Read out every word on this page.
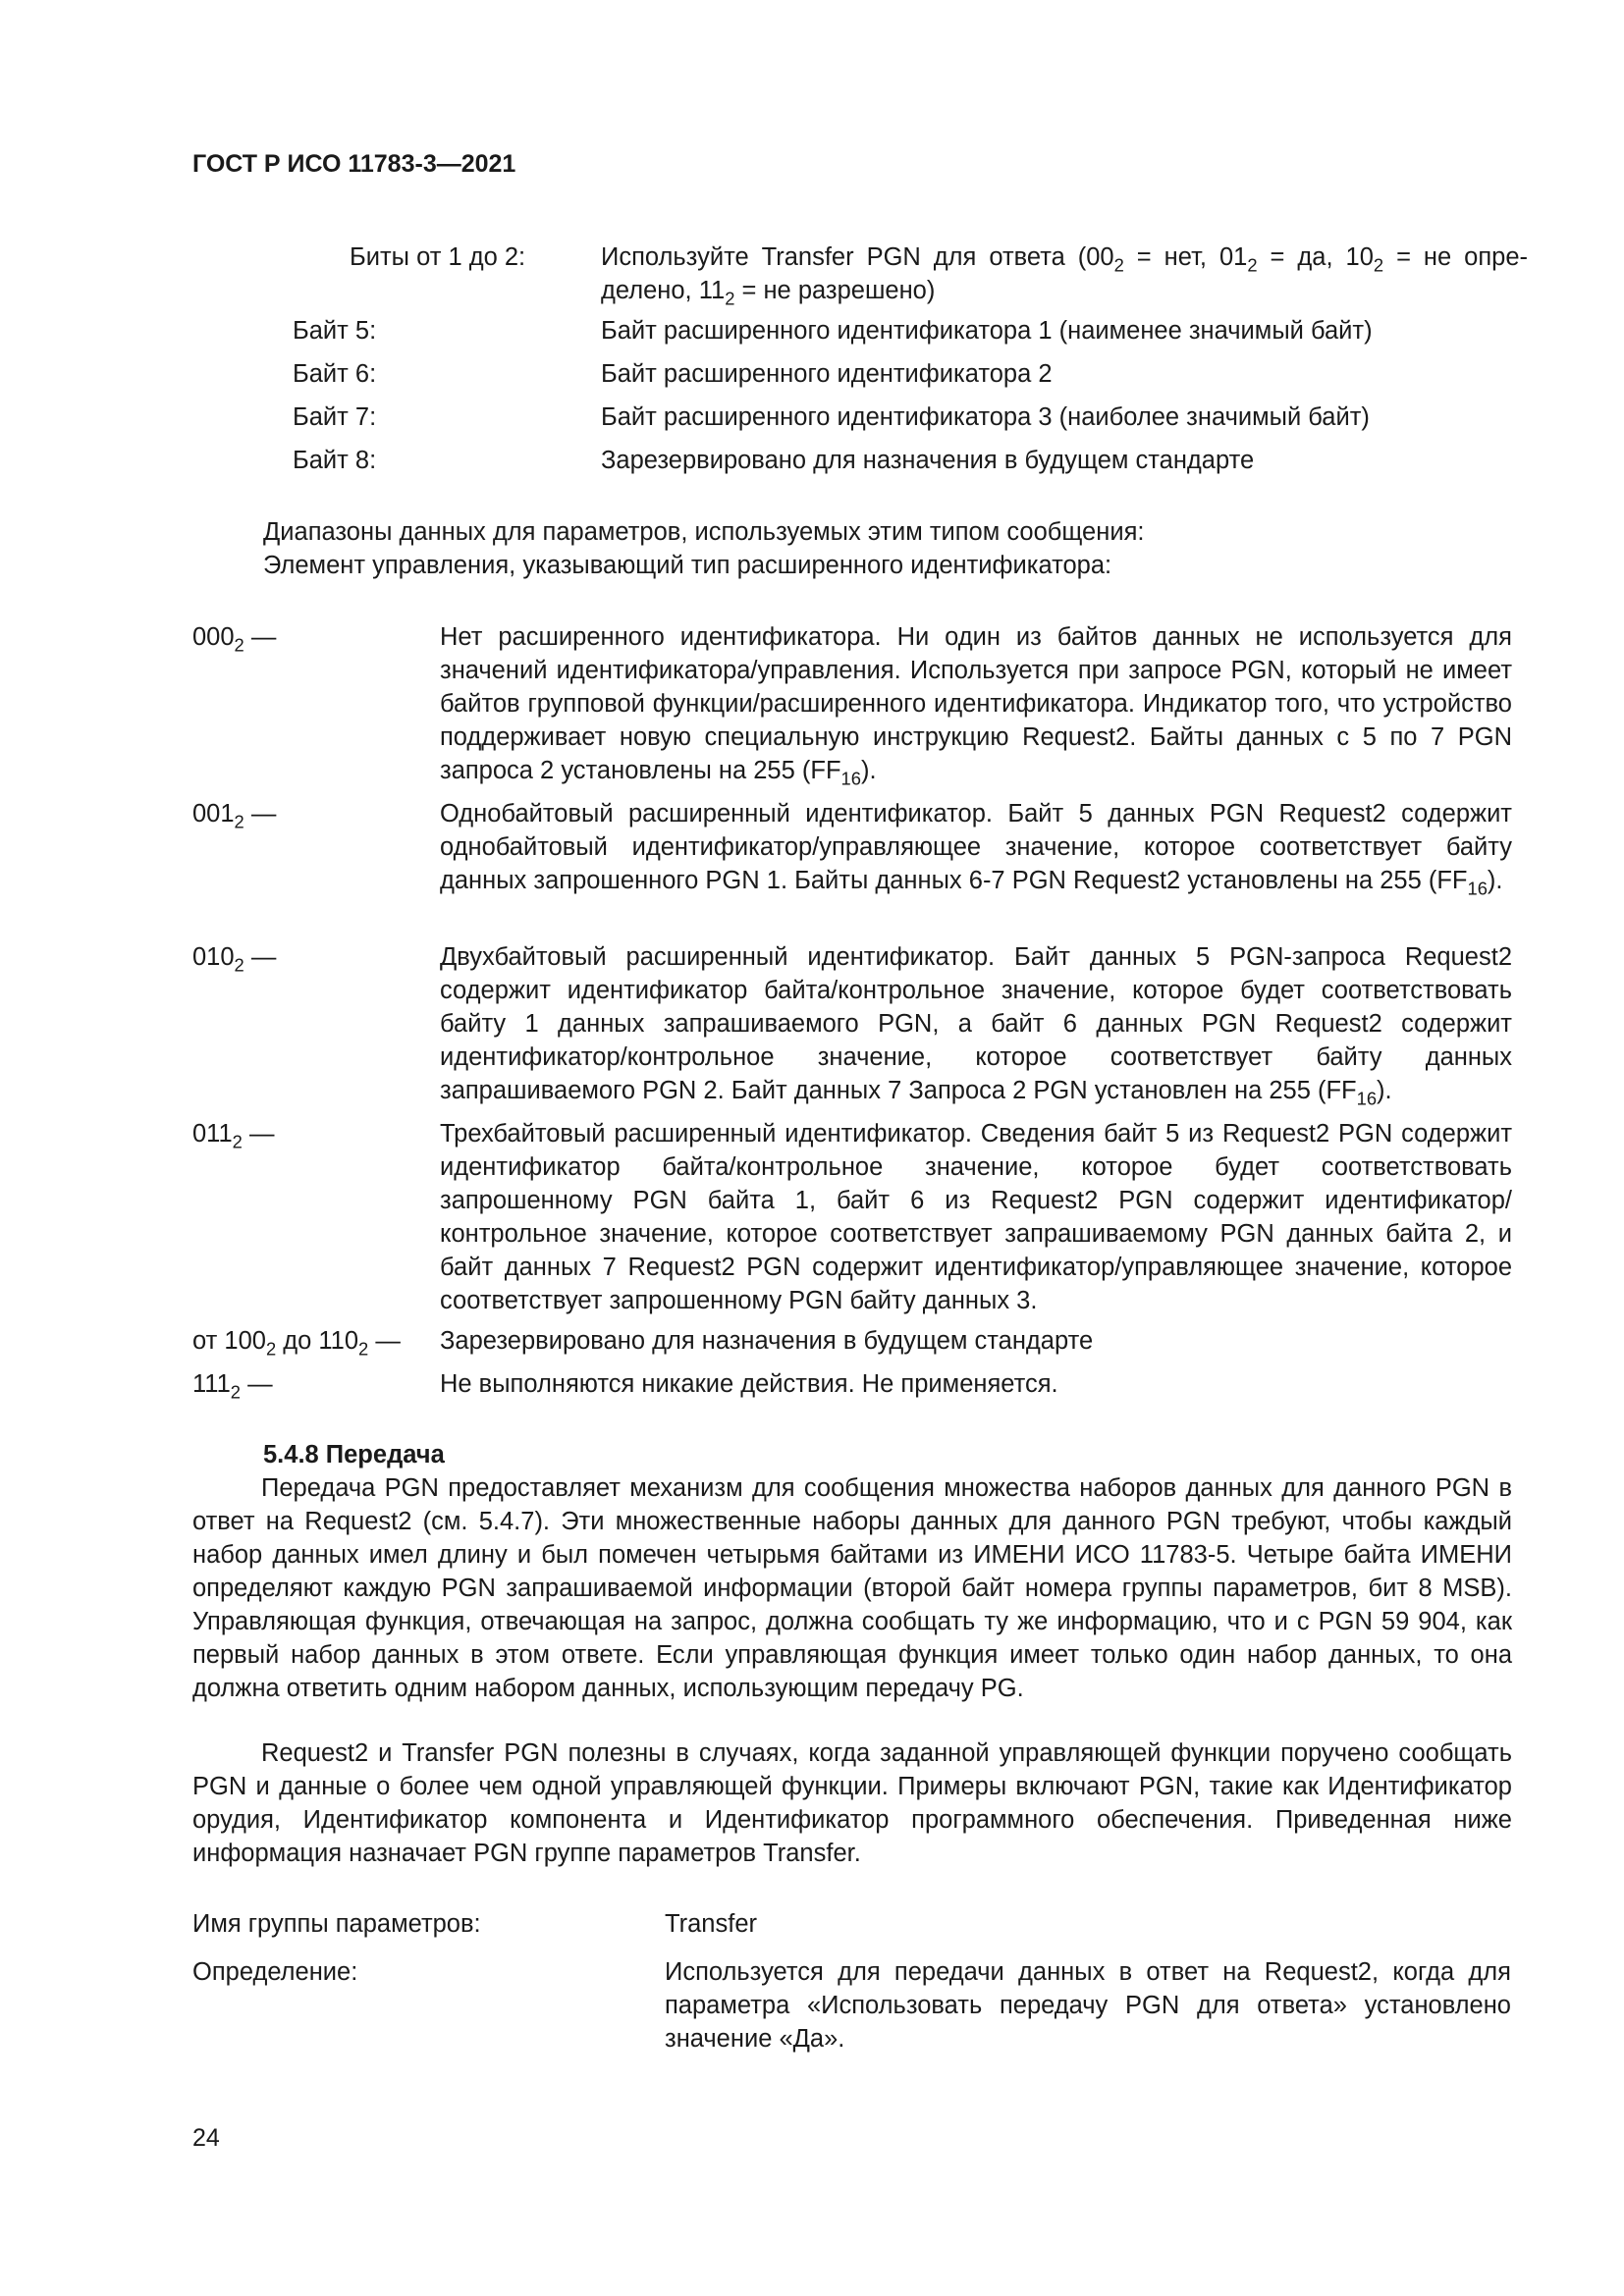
ГОСТ Р ИСО 11783-3—2021
Биты от 1 до 2:	Используйте Transfer PGN для ответа ($00_2$ = нет, $01_2$ = да, $10_2$ = не опре-
делено, $11_2$ = не разрешено)
Байт 5:	Байт расширенного идентификатора 1 (наименее значимый байт)
Байт 6:	Байт расширенного идентификатора 2
Байт 7:	Байт расширенного идентификатора 3 (наиболее значимый байт)
Байт 8:	Зарезервировано для назначения в будущем стандарте
Диапазоны данных для параметров, используемых этим типом сообщения:
Элемент управления, указывающий тип расширенного идентификатора:
$000_2$ —	Нет расширенного идентификатора. Ни один из байтов данных не используется для значений идентификатора/управления. Используется при запросе PGN, который не имеет байтов групповой функции/расширенного идентификатора. Индикатор того, что устройство поддерживает новую специальную инструкцию Request2. Байты данных с 5 по 7 PGN запроса 2 установлены на 255 $(FF_{16})$.
$001_2$ —	Однобайтовый расширенный идентификатор. Байт 5 данных PGN Request2 содержит однобайтовый идентификатор/управляющее значение, которое соответствует байту данных запрошенного PGN 1. Байты данных 6-7 PGN Request2 установлены на 255 $(FF_{16})$.
$010_2$ —	Двухбайтовый расширенный идентификатор. Байт данных 5 PGN-запроса Request2 содержит идентификатор байта/контрольное значение, которое будет соответствовать байту 1 данных запрашиваемого PGN, а байт 6 данных PGN Request2 содержит идентификатор/контрольное значение, которое соответствует байту данных запрашиваемого PGN 2. Байт данных 7 Запроса 2 PGN установлен на 255 $(FF_{16})$.
$011_2$ —	Трехбайтовый расширенный идентификатор. Сведения байт 5 из Request2 PGN содержит идентификатор байта/контрольное значение, которое будет соответствовать запрошенному PGN байта 1, байт 6 из Request2 PGN содержит идентификатор/контрольное значение, которое соответствует запрашиваемому PGN данных байта 2, и байт данных 7 Request2 PGN содержит идентификатор/управляющее значение, которое соответствует запрошенному PGN байту данных 3.
от $100_2$ до $110_2$ — Зарезервировано для назначения в будущем стандарте
$111_2$ —	Не выполняются никакие действия. Не применяется.
5.4.8 Передача
Передача PGN предоставляет механизм для сообщения множества наборов данных для данного PGN в ответ на Request2 (см. 5.4.7). Эти множественные наборы данных для данного PGN требуют, чтобы каждый набор данных имел длину и был помечен четырьмя байтами из ИМЕНИ ИСО 11783-5. Четыре байта ИМЕНИ определяют каждую PGN запрашиваемой информации (второй байт номера группы параметров, бит 8 MSB). Управляющая функция, отвечающая на запрос, должна сообщать ту же информацию, что и с PGN 59 904, как первый набор данных в этом ответе. Если управляющая функция имеет только один набор данных, то она должна ответить одним набором данных, использующим передачу PG.
Request2 и Transfer PGN полезны в случаях, когда заданной управляющей функции поручено сообщать PGN и данные о более чем одной управляющей функции. Примеры включают PGN, такие как Идентификатор орудия, Идентификатор компонента и Идентификатор программного обеспечения. Приведенная ниже информация назначает PGN группе параметров Transfer.
Имя группы параметров:	Transfer
Определение:	Используется для передачи данных в ответ на Request2, когда для параметра «Использовать передачу PGN для ответа» установлено значение «Да».
24
